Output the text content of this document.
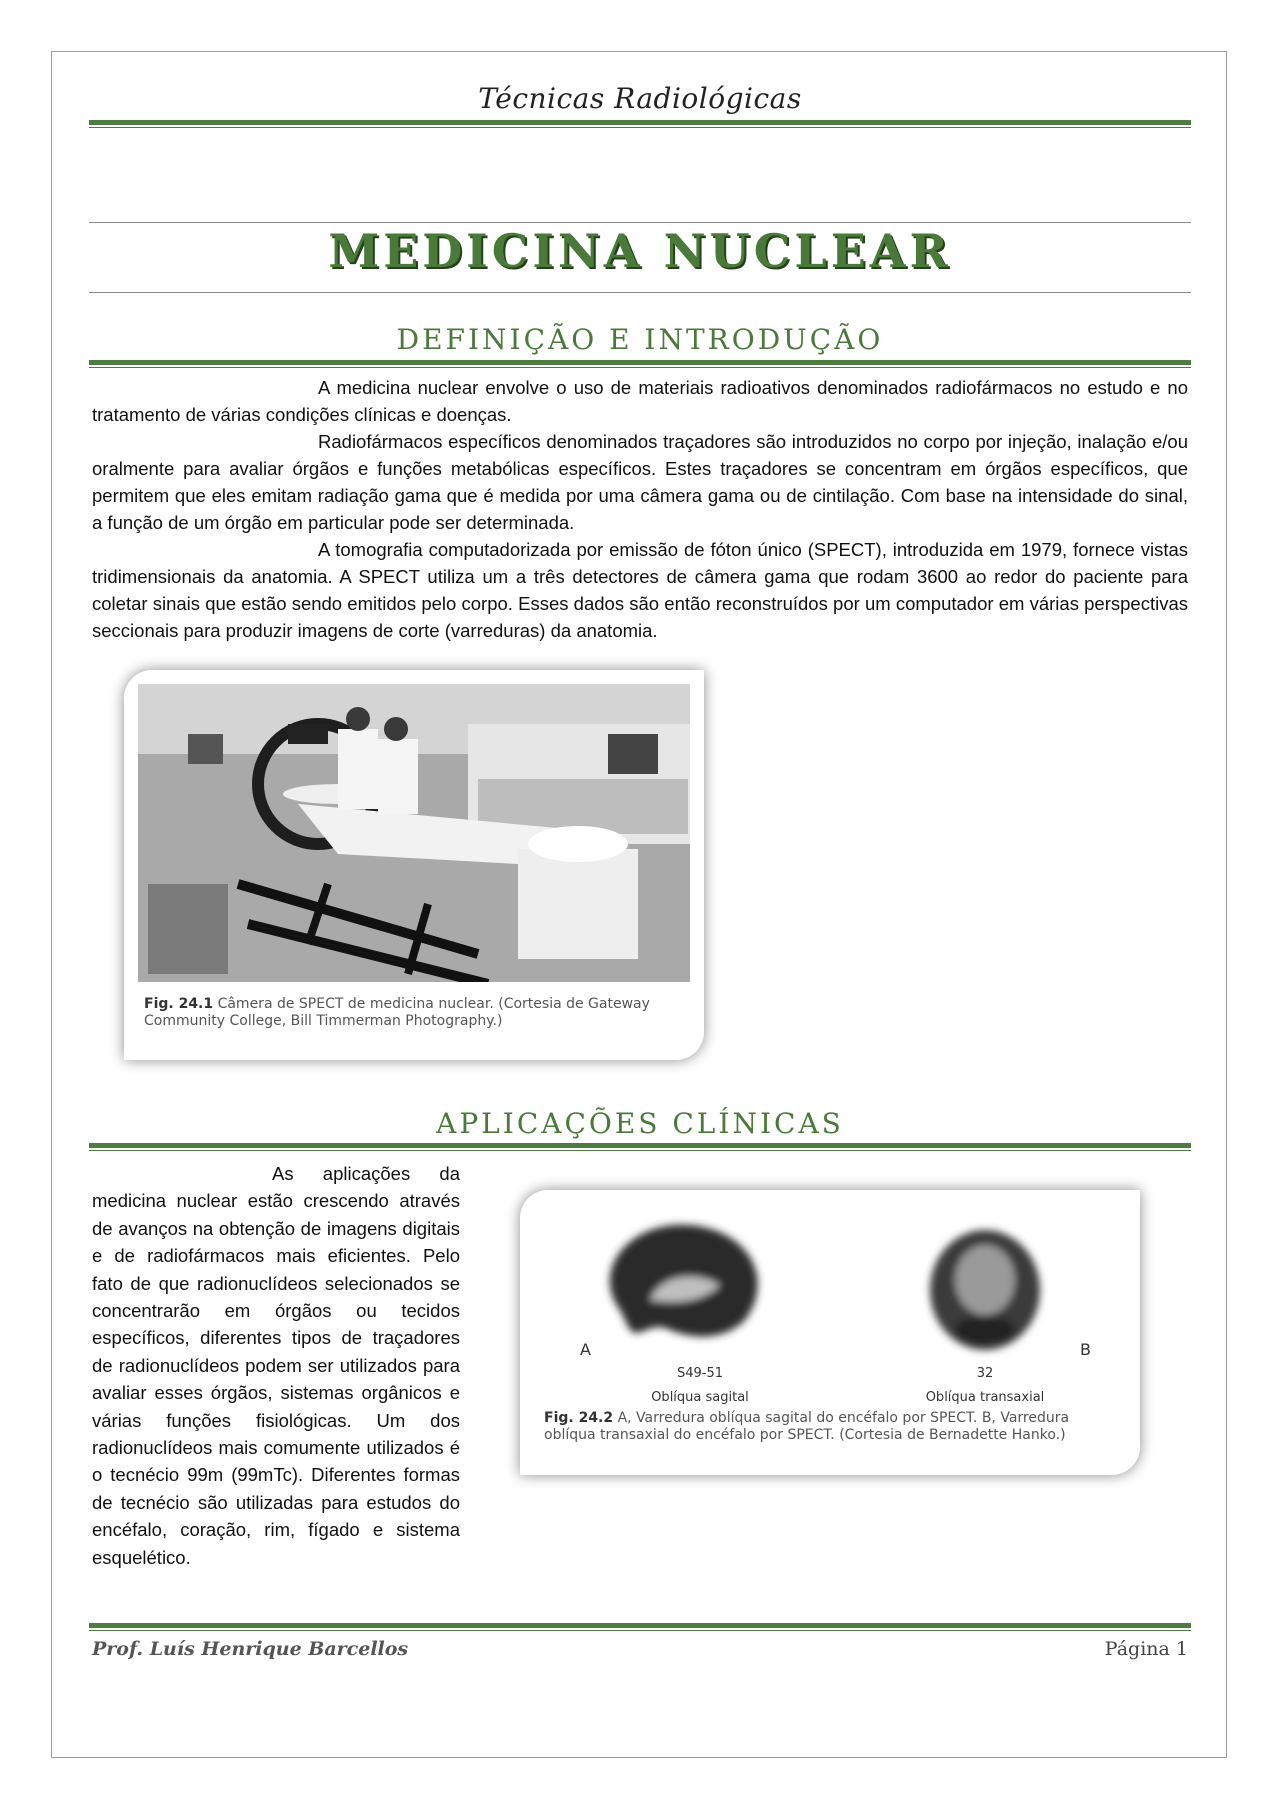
Técnicas Radiológicas
MEDICINA NUCLEAR
DEFINIÇÃO E INTRODUÇÃO

A medicina nuclear envolve o uso de materiais radioativos denominados radiofármacos no estudo e no tratamento de várias condições clínicas e doenças.

Radiofármacos específicos denominados traçadores são introduzidos no corpo por injeção, inalação e/ou oralmente para avaliar órgãos e funções metabólicas específicos. Estes traçadores se concentram em órgãos específicos, que permitem que eles emitam radiação gama que é medida por uma câmera gama ou de cintilação. Com base na intensidade do sinal, a função de um órgão em particular pode ser determinada.

A tomografia computadorizada por emissão de fóton único (SPECT), introduzida em 1979, fornece vistas tridimensionais da anatomia. A SPECT utiliza um a três detectores de câmera gama que rodam 3600 ao redor do paciente para coletar sinais que estão sendo emitidos pelo corpo. Esses dados são então reconstruídos por um computador em várias perspectivas seccionais para produzir imagens de corte (varreduras) da anatomia.

Fig. 24.1 Câmera de SPECT de medicina nuclear. (Cortesia de Gateway Community College, Bill Timmerman Photography.)
APLICAÇÕES CLÍNICAS

As aplicações da medicina nuclear estão crescendo através de avanços na obtenção de imagens digitais e de radiofármacos mais eficientes. Pelo fato de que radionuclídeos selecionados se concentrarão em órgãos ou tecidos específicos, diferentes tipos de traçadores de radionuclídeos podem ser utilizados para avaliar esses órgãos, sistemas orgânicos e várias funções fisiológicas. Um dos radionuclídeos mais comumente utilizados é o tecnécio 99m (99mTc). Diferentes formas de tecnécio são utilizadas para estudos do encéfalo, coração, rim, fígado e sistema esquelético.

A	B
S49-51	32
Oblíqua sagital	Oblíqua transaxial
Fig. 24.2 A, Varredura oblíqua sagital do encéfalo por SPECT. B, Varredura oblíqua transaxial do encéfalo por SPECT. (Cortesia de Bernadette Hanko.)
Prof. Luís Henrique Barcellos	Página 1
